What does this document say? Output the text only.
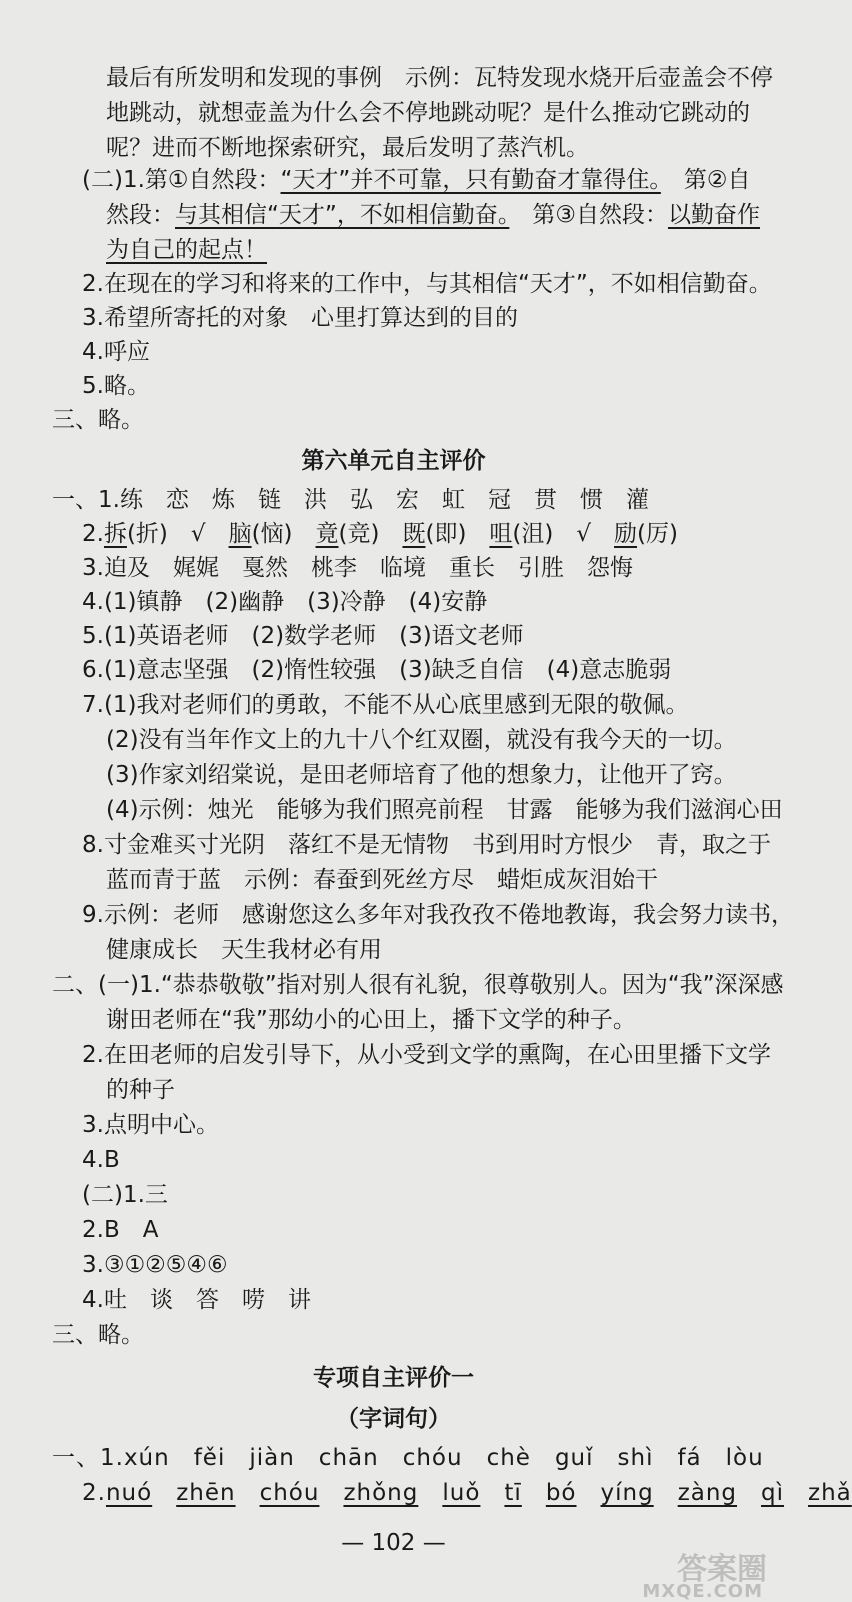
最后有所发明和发现的事例　示例：瓦特发现水烧开后壶盖会不停
地跳动，就想壶盖为什么会不停地跳动呢？是什么推动它跳动的
呢？进而不断地探索研究，最后发明了蒸汽机。
(二)1.第①自然段：“天才”并不可靠，只有勤奋才靠得住。　第②自
然段：与其相信“天才”，不如相信勤奋。　第③自然段：以勤奋作
为自己的起点！
2.在现在的学习和将来的工作中，与其相信“天才”，不如相信勤奋。
3.希望所寄托的对象　心里打算达到的目的
4.呼应
5.略。
三、略。
第六单元自主评价
一、1.练　恋　炼　链　洪　弘　宏　虹　冠　贯　惯　灌
2.拆(折)　√　脑(恼)　竟(竞)　既(即)　咀(沮)　√　励(厉)
3.迫及　娓娓　戛然　桃李　临境　重长　引胜　怨悔
4.(1)镇静　(2)幽静　(3)冷静　(4)安静
5.(1)英语老师　(2)数学老师　(3)语文老师
6.(1)意志坚强　(2)惰性较强　(3)缺乏自信　(4)意志脆弱
7.(1)我对老师们的勇敢，不能不从心底里感到无限的敬佩。
(2)没有当年作文上的九十八个红双圈，就没有我今天的一切。
(3)作家刘绍棠说，是田老师培育了他的想象力，让他开了窍。
(4)示例：烛光　能够为我们照亮前程　甘露　能够为我们滋润心田
8.寸金难买寸光阴　落红不是无情物　书到用时方恨少　青，取之于
蓝而青于蓝　示例：春蚕到死丝方尽　蜡炬成灰泪始干
9.示例：老师　感谢您这么多年对我孜孜不倦地教诲，我会努力读书，
健康成长　天生我材必有用
二、(一)1.“恭恭敬敬”指对别人很有礼貌，很尊敬别人。因为“我”深深感
谢田老师在“我”那幼小的心田上，播下文学的种子。
2.在田老师的启发引导下，从小受到文学的熏陶，在心田里播下文学
的种子
3.点明中心。
4.B
(二)1.三
2.B　A
3.③①②⑤④⑥
4.吐　谈　答　唠　讲
三、略。
专项自主评价一
（字词句）
一、1.xún　fěi　jiàn　chān　chóu　chè　guǐ　shì　fá　lòu
2.nuó　 zhēn　 chóu　 zhǒng　 luǒ　 tī　 bó　 yíng　 zàng　 qì　 zhǎ
— 102 —
答案圈
MXQE.COM
